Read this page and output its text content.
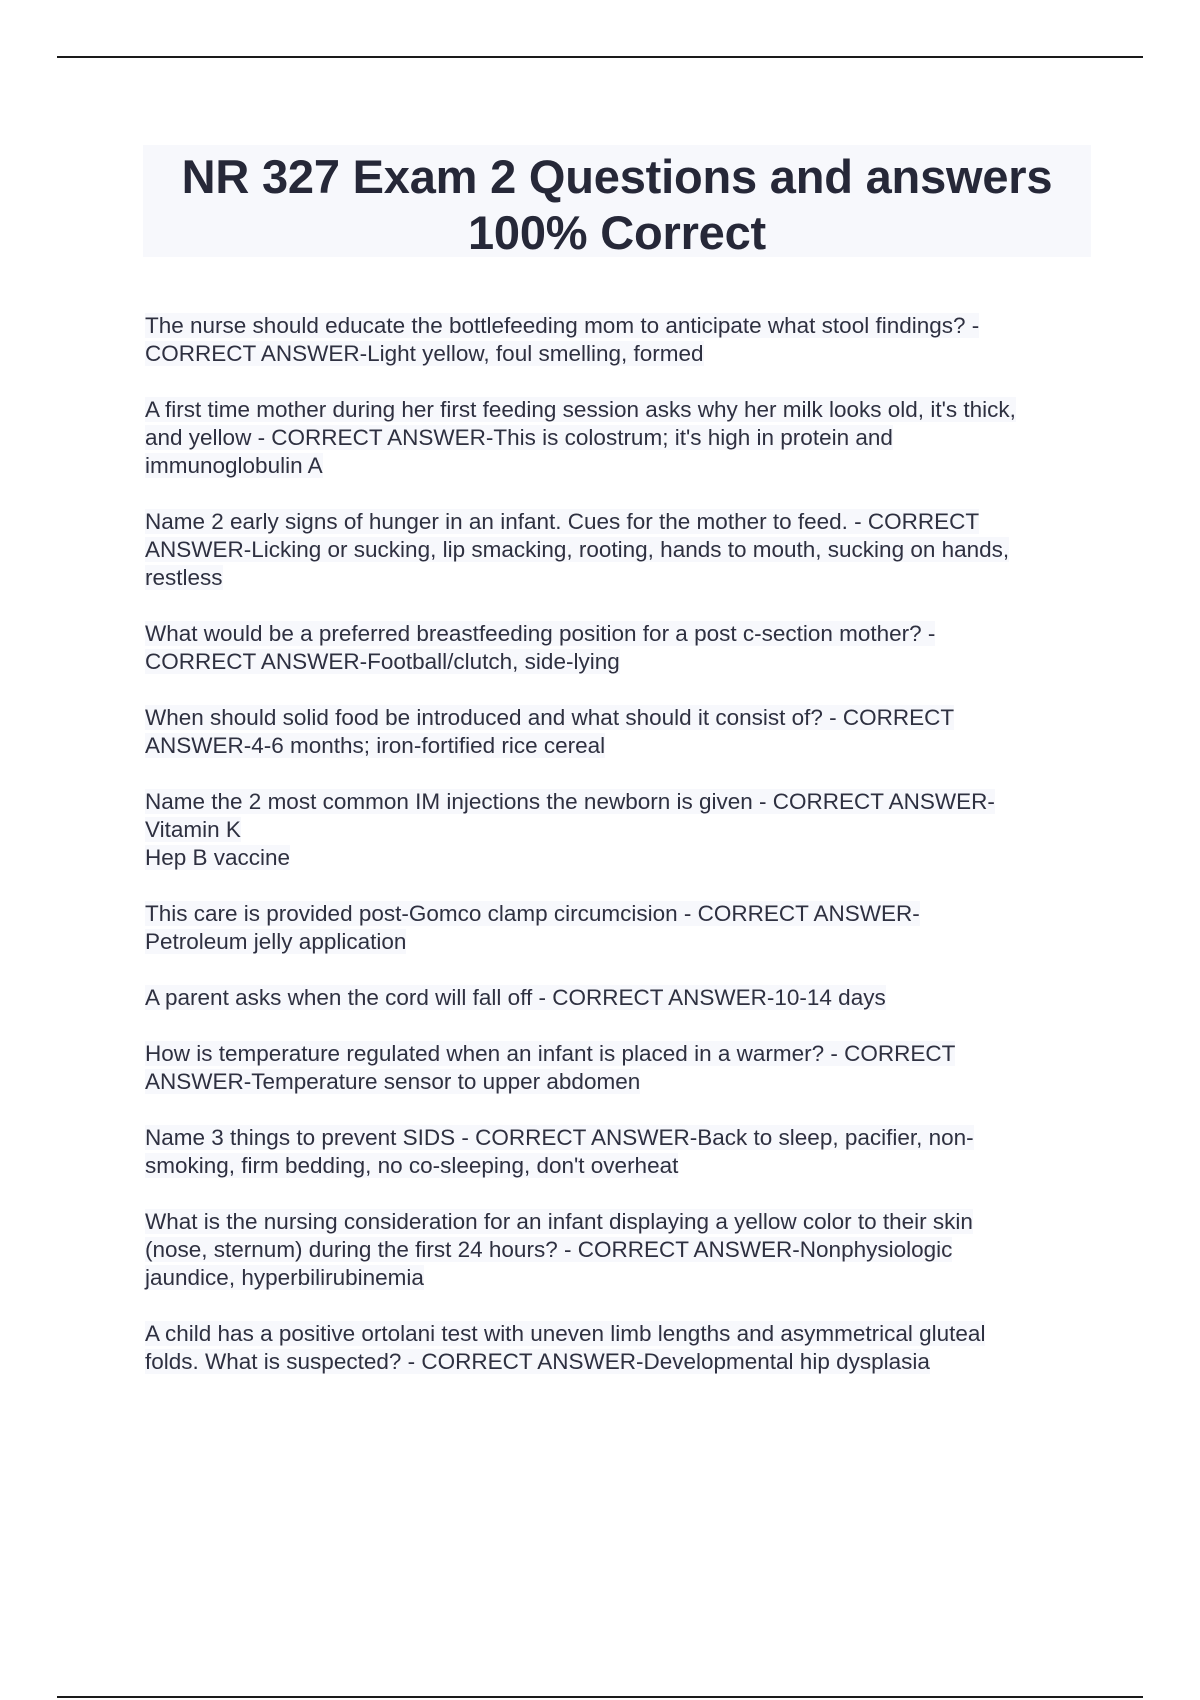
NR 327 Exam 2 Questions and answers
100% Correct
The nurse should educate the bottlefeeding mom to anticipate what stool findings? -
CORRECT ANSWER-Light yellow, foul smelling, formed
A first time mother during her first feeding session asks why her milk looks old, it's thick,
and yellow - CORRECT ANSWER-This is colostrum; it's high in protein and
immunoglobulin A
Name 2 early signs of hunger in an infant. Cues for the mother to feed. - CORRECT
ANSWER-Licking or sucking, lip smacking, rooting, hands to mouth, sucking on hands,
restless
What would be a preferred breastfeeding position for a post c-section mother? -
CORRECT ANSWER-Football/clutch, side-lying
When should solid food be introduced and what should it consist of? - CORRECT
ANSWER-4-6 months; iron-fortified rice cereal
Name the 2 most common IM injections the newborn is given - CORRECT ANSWER-
Vitamin K
Hep B vaccine
This care is provided post-Gomco clamp circumcision - CORRECT ANSWER-
Petroleum jelly application
A parent asks when the cord will fall off - CORRECT ANSWER-10-14 days
How is temperature regulated when an infant is placed in a warmer? - CORRECT
ANSWER-Temperature sensor to upper abdomen
Name 3 things to prevent SIDS - CORRECT ANSWER-Back to sleep, pacifier, non-
smoking, firm bedding, no co-sleeping, don't overheat
What is the nursing consideration for an infant displaying a yellow color to their skin
(nose, sternum) during the first 24 hours? - CORRECT ANSWER-Nonphysiologic
jaundice, hyperbilirubinemia
A child has a positive ortolani test with uneven limb lengths and asymmetrical gluteal
folds. What is suspected? - CORRECT ANSWER-Developmental hip dysplasia
